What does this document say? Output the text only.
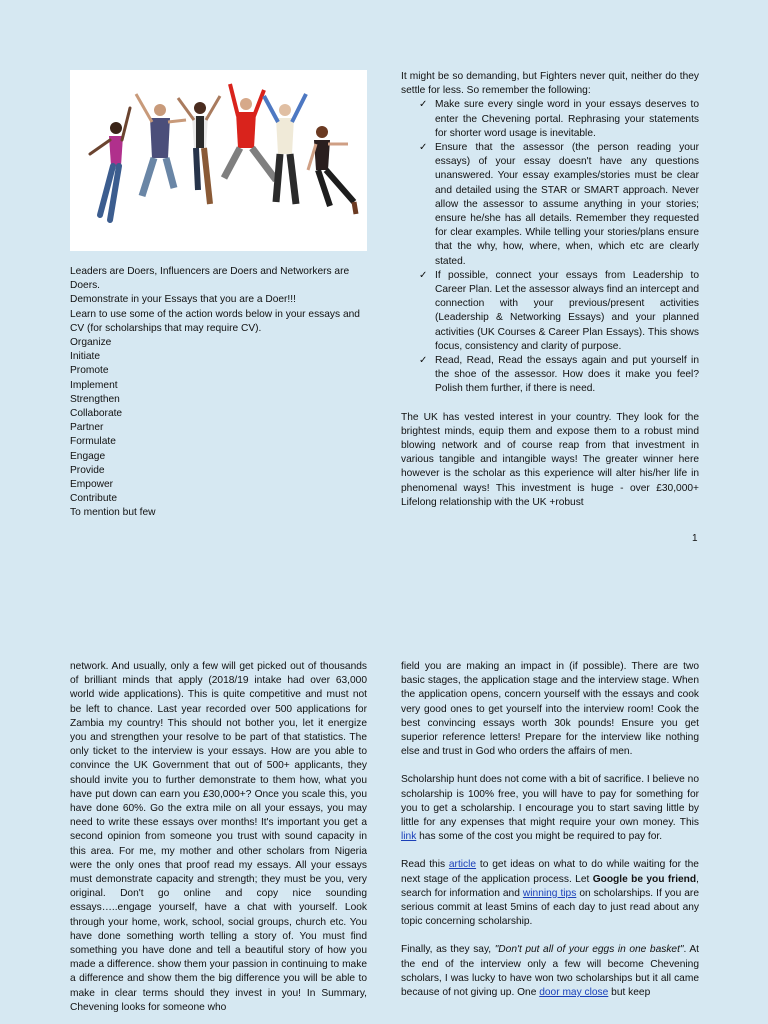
Leaders are Doers, Influencers are Doers and Networkers are Doers.

Demonstrate in your Essays that you are a Doer!!!

Learn to use some of the action words below in your essays and CV (for scholarships that may require CV).

Organize

Initiate

Promote

Implement

Strengthen

Collaborate

Partner

Formulate

Engage

Provide

Empower

Contribute

To mention but few

It might be so demanding, but Fighters never quit, neither do they settle for less. So remember the following:

✓ Make sure every single word in your essays deserves to enter the Chevening portal. Rephrasing your statements for shorter word usage is inevitable.
✓ Ensure that the assessor (the person reading your essays) of your essay doesn't have any questions unanswered. Your essay examples/stories must be clear and detailed using the STAR or SMART approach. Never allow the assessor to assume anything in your stories; ensure he/she has all details. Remember they requested for clear examples. While telling your stories/plans ensure that the why, how, where, when, which etc are clearly stated.
✓ If possible, connect your essays from Leadership to Career Plan. Let the assessor always find an intercept and connection with your previous/present activities (Leadership & Networking Essays) and your planned activities (UK Courses & Career Plan Essays). This shows focus, consistency and clarity of purpose.
✓ Read, Read, Read the essays again and put yourself in the shoe of the assessor. How does it make you feel? Polish them further, if there is need.

The UK has vested interest in your country. They look for the brightest minds, equip them and expose them to a robust mind blowing network and of course reap from that investment in various tangible and intangible ways! The greater winner here however is the scholar as this experience will alter his/her life in phenomenal ways! This investment is huge - over £30,000+ Lifelong relationship with the UK +robust

1

network. And usually, only a few will get picked out of thousands of brilliant minds that apply (2018/19 intake had over 63,000 world wide applications). This is quite competitive and must not be left to chance. Last year recorded over 500 applications for Zambia my country! This should not bother you, let it energize you and strengthen your resolve to be part of that statistics. The only ticket to the interview is your essays. How are you able to convince the UK Government that out of 500+ applicants, they should invite you to further demonstrate to them how, what you have put down can earn you £30,000+? Once you scale this, you have done 60%. Go the extra mile on all your essays, you may need to write these essays over months! It's important you get a second opinion from someone you trust with sound capacity in this area. For me, my mother and other scholars from Nigeria were the only ones that proof read my essays. All your essays must demonstrate capacity and strength; they must be you, very original. Don't go online and copy nice sounding essays…..engage yourself, have a chat with yourself. Look through your home, work, school, social groups, church etc. You have done something worth telling a story of. You must find something you have done and tell a beautiful story of how you made a difference. show them your passion in continuing to make a difference and show them the big difference you will be able to make in clear terms should they invest in you! In Summary, Chevening looks for someone who

field you are making an impact in (if possible). There are two basic stages, the application stage and the interview stage. When the application opens, concern yourself with the essays and cook very good ones to get yourself into the interview room! Cook the best convincing essays worth 30k pounds! Ensure you get superior reference letters! Prepare for the interview like nothing else and trust in God who orders the affairs of men.

Scholarship hunt does not come with a bit of sacrifice. I believe no scholarship is 100% free, you will have to pay for something for you to get a scholarship. I encourage you to start saving little by little for any expenses that might require your own money. This link has some of the cost you might be required to pay for.

Read this article to get ideas on what to do while waiting for the next stage of the application process. Let Google be you friend, search for information and winning tips on scholarships. If you are serious commit at least 5mins of each day to just read about any topic concerning scholarship.

Finally, as they say, "Don't put all of your eggs in one basket". At the end of the interview only a few will become Chevening scholars, I was lucky to have won two scholarships but it all came because of not giving up. One door may close but keep
